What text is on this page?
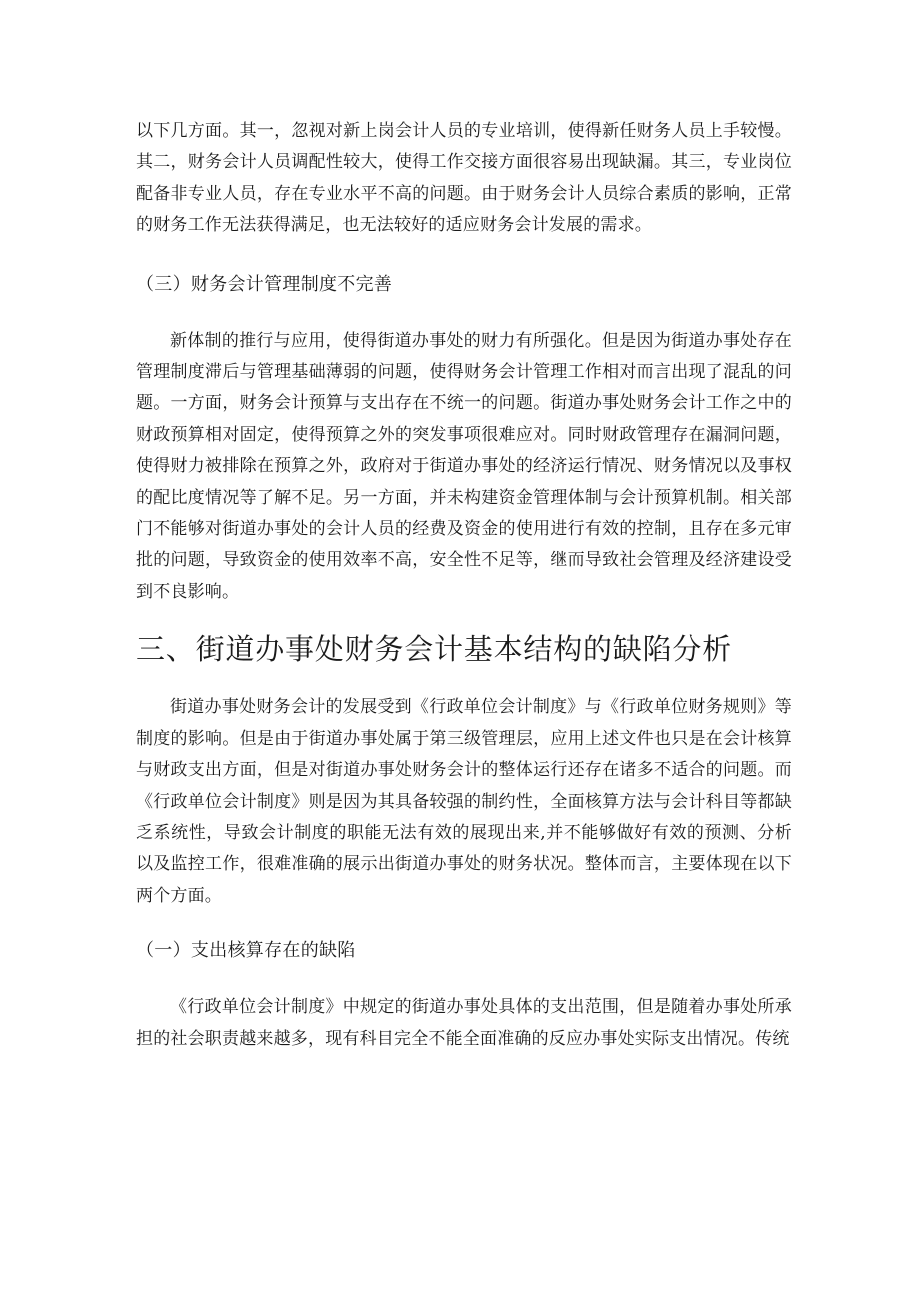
以下几方面。其一，忽视对新上岗会计人员的专业培训，使得新任财务人员上手较慢。其二，财务会计人员调配性较大，使得工作交接方面很容易出现缺漏。其三，专业岗位配备非专业人员，存在专业水平不高的问题。由于财务会计人员综合素质的影响，正常的财务工作无法获得满足，也无法较好的适应财务会计发展的需求。

（三）财务会计管理制度不完善

新体制的推行与应用，使得街道办事处的财力有所强化。但是因为街道办事处存在管理制度滞后与管理基础薄弱的问题，使得财务会计管理工作相对而言出现了混乱的问题。一方面，财务会计预算与支出存在不统一的问题。街道办事处财务会计工作之中的财政预算相对固定，使得预算之外的突发事项很难应对。同时财政管理存在漏洞问题，使得财力被排除在预算之外，政府对于街道办事处的经济运行情况、财务情况以及事权的配比度情况等了解不足。另一方面，并未构建资金管理体制与会计预算机制。相关部门不能够对街道办事处的会计人员的经费及资金的使用进行有效的控制，且存在多元审批的问题，导致资金的使用效率不高，安全性不足等，继而导致社会管理及经济建设受到不良影响。

三、街道办事处财务会计基本结构的缺陷分析

街道办事处财务会计的发展受到《行政单位会计制度》与《行政单位财务规则》等制度的影响。但是由于街道办事处属于第三级管理层，应用上述文件也只是在会计核算与财政支出方面，但是对街道办事处财务会计的整体运行还存在诸多不适合的问题。而《行政单位会计制度》则是因为其具备较强的制约性，全面核算方法与会计科目等都缺乏系统性，导致会计制度的职能无法有效的展现出来,并不能够做好有效的预测、分析以及监控工作，很难准确的展示出街道办事处的财务状况。整体而言，主要体现在以下两个方面。

（一）支出核算存在的缺陷

《行政单位会计制度》中规定的街道办事处具体的支出范围，但是随着办事处所承担的社会职责越来越多，现有科目完全不能全面准确的反应办事处实际支出情况。传统
